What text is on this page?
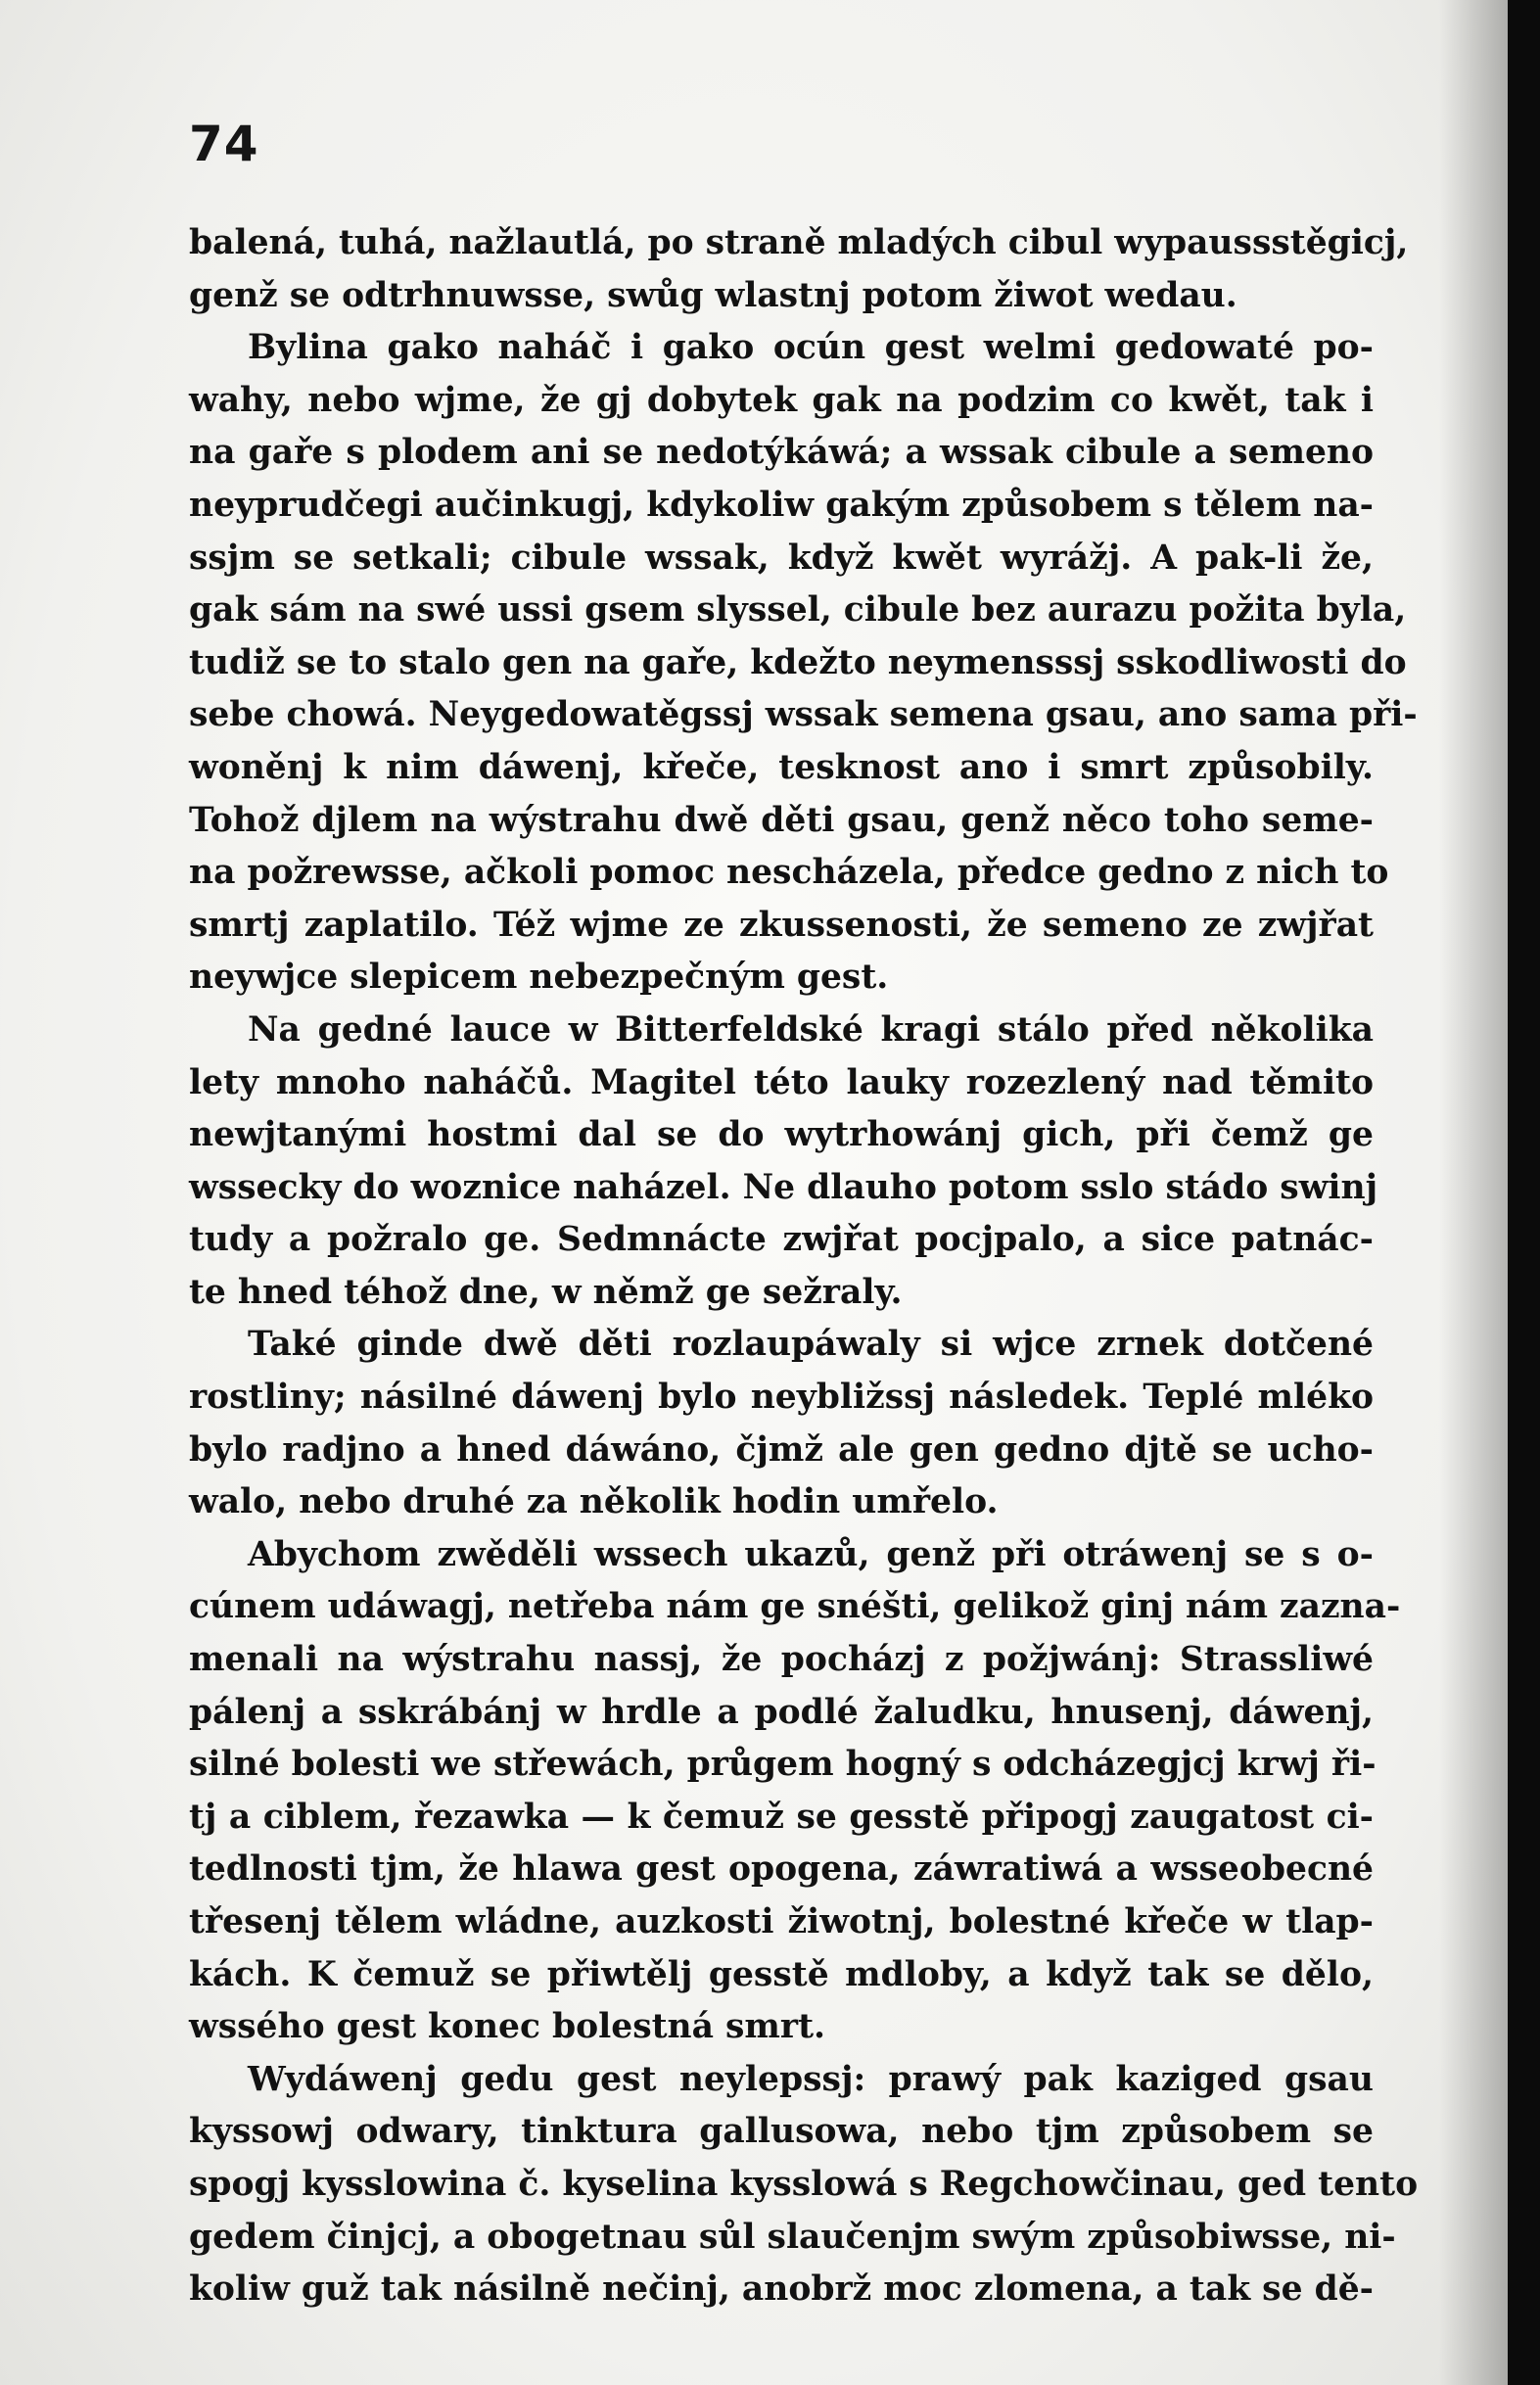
74
balená, tuhá, nažlautlá, po straně mladých cibul wypaussstěgicj,
genž se odtrhnuwsse, swůg wlastnj potom žiwot wedau.
Bylina gako naháč i gako ocún gest welmi gedowaté po-
wahy, nebo wjme, že gj dobytek gak na podzim co kwět, tak i
na gaře s plodem ani se nedotýkáwá; a wssak cibule a semeno
neyprudčegi aučinkugj, kdykoliw gakým způsobem s tělem na-
ssjm se setkali; cibule wssak, když kwět wyrážj. A pak-li že,
gak sám na swé ussi gsem slyssel, cibule bez aurazu požita byla,
tudiž se to stalo gen na gaře, kdežto neymensssj sskodliwosti do
sebe chowá. Neygedowatěgssj wssak semena gsau, ano sama při-
woněnj k nim dáwenj, křeče, tesknost ano i smrt způsobily.
Tohož djlem na wýstrahu dwě děti gsau, genž něco toho seme-
na požrewsse, ačkoli pomoc nescházela, předce gedno z nich to
smrtj zaplatilo. Též wjme ze zkussenosti, že semeno ze zwjřat
neywjce slepicem nebezpečným gest.
Na gedné lauce w Bitterfeldské kragi stálo před několika
lety mnoho naháčů. Magitel této lauky rozezlený nad těmito
newjtanými hostmi dal se do wytrhowánj gich, při čemž ge
wssecky do woznice naházel. Ne dlauho potom sslo stádo swinj
tudy a požralo ge. Sedmnácte zwjřat pocjpalo, a sice patnác-
te hned téhož dne, w němž ge sežraly.
Také ginde dwě děti rozlaupáwaly si wjce zrnek dotčené
rostliny; násilné dáwenj bylo neybližssj následek. Teplé mléko
bylo radjno a hned dáwáno, čjmž ale gen gedno djtě se ucho-
walo, nebo druhé za několik hodin umřelo.
Abychom zwěděli wssech ukazů, genž při otráwenj se s o-
cúnem udáwagj, netřeba nám ge snéšti, gelikož ginj nám zazna-
menali na wýstrahu nassj, že pocházj z požjwánj: Strassliwé
pálenj a sskrábánj w hrdle a podlé žaludku, hnusenj, dáwenj,
silné bolesti we střewách, průgem hogný s odcházegjcj krwj ři-
tj a ciblem, řezawka — k čemuž se gesstě připogj zaugatost ci-
tedlnosti tjm, že hlawa gest opogena, záwratiwá a wsseobecné
třesenj tělem wládne, auzkosti žiwotnj, bolestné křeče w tlap-
kách. K čemuž se přiwtělj gesstě mdloby, a když tak se dělo,
wssého gest konec bolestná smrt.
Wydáwenj gedu gest neylepssj: prawý pak kaziged gsau
kyssowj odwary, tinktura gallusowa, nebo tjm způsobem se
spogj kysslowina č. kyselina kysslowá s Regchowčinau, ged tento
gedem činjcj, a obogetnau sůl slaučenjm swým způsobiwsse, ni-
koliw guž tak násilně nečinj, anobrž moc zlomena, a tak se dě-
